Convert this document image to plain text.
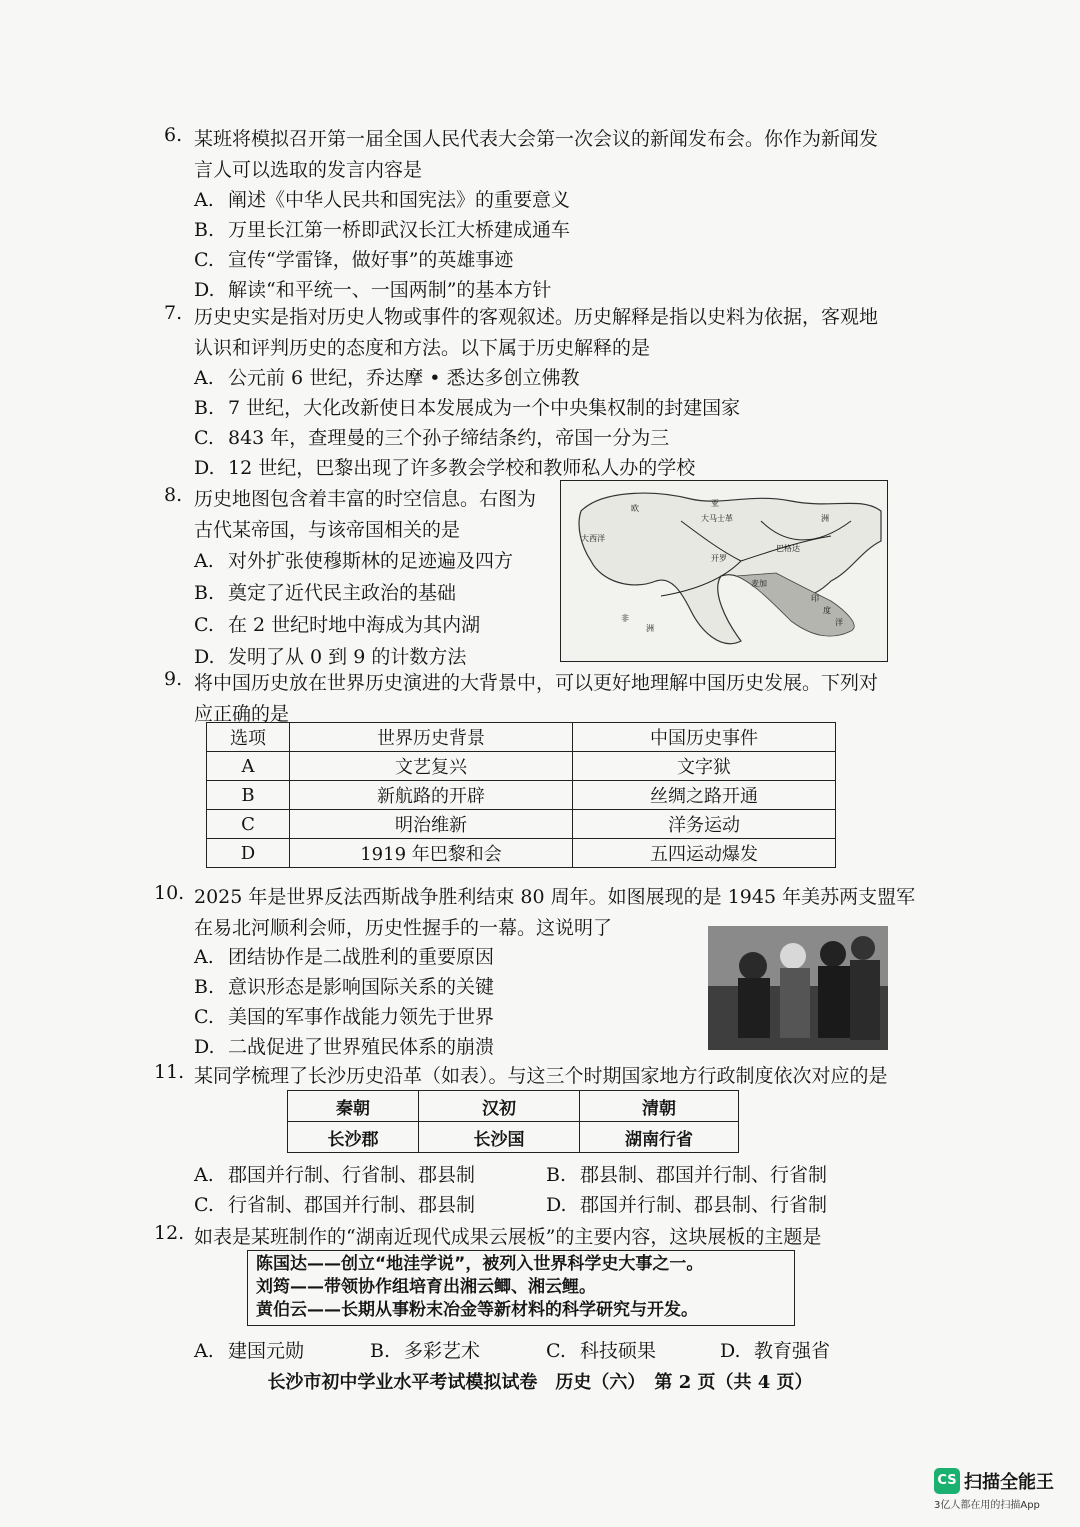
6. 某班将模拟召开第一届全国人民代表大会第一次会议的新闻发布会。你作为新闻发
言人可以选取的发言内容是
A. 阐述《中华人民共和国宪法》的重要意义
B. 万里长江第一桥即武汉长江大桥建成通车
C. 宣传“学雷锋，做好事”的英雄事迹
D. 解读“和平统一、一国两制”的基本方针
7. 历史史实是指对历史人物或事件的客观叙述。历史解释是指以史料为依据，客观地
认识和评判历史的态度和方法。以下属于历史解释的是
A. 公元前 6 世纪，乔达摩 • 悉达多创立佛教
B. 7 世纪，大化改新使日本发展成为一个中央集权制的封建国家
C. 843 年，查理曼的三个孙子缔结条约，帝国一分为三
D. 12 世纪，巴黎出现了许多教会学校和教师私人办的学校
8. 历史地图包含着丰富的时空信息。右图为
古代某帝国，与该帝国相关的是
A. 对外扩张使穆斯林的足迹遍及四方
B. 奠定了近代民主政治的基础
C. 在 2 世纪时地中海成为其内湖
D. 发明了从 0 到 9 的计数方法
欧
亚
洲
非
洲
印
度
洋
大西洋
巴格达
开罗
大马士革
麦加
9. 将中国历史放在世界历史演进的大背景中，可以更好地理解中国历史发展。下列对
应正确的是
选项	世界历史背景	中国历史事件
A	文艺复兴	文字狱
B	新航路的开辟	丝绸之路开通
C	明治维新	洋务运动
D	1919 年巴黎和会	五四运动爆发
10. 2025 年是世界反法西斯战争胜利结束 80 周年。如图展现的是 1945 年美苏两支盟军
在易北河顺利会师，历史性握手的一幕。这说明了
A. 团结协作是二战胜利的重要原因
B. 意识形态是影响国际关系的关键
C. 美国的军事作战能力领先于世界
D. 二战促进了世界殖民体系的崩溃
11. 某同学梳理了长沙历史沿革（如表）。与这三个时期国家地方行政制度依次对应的是
秦朝	汉初	清朝
长沙郡	长沙国	湖南行省
A. 郡国并行制、行省制、郡县制	B. 郡县制、郡国并行制、行省制
C. 行省制、郡国并行制、郡县制	D. 郡国并行制、郡县制、行省制
12. 如表是某班制作的“湖南近现代成果云展板”的主要内容，这块展板的主题是
陈国达——创立“地洼学说”，被列入世界科学史大事之一。
刘筠——带领协作组培育出湘云鲫、湘云鲤。
黄伯云——长期从事粉末冶金等新材料的科学研究与开发。
A. 建国元勋	B. 多彩艺术	C. 科技硕果	D. 教育强省
长沙市初中学业水平考试模拟试卷　历史（六）　第 2 页（共 4 页）
CS 扫描全能王
3亿人都在用的扫描App
